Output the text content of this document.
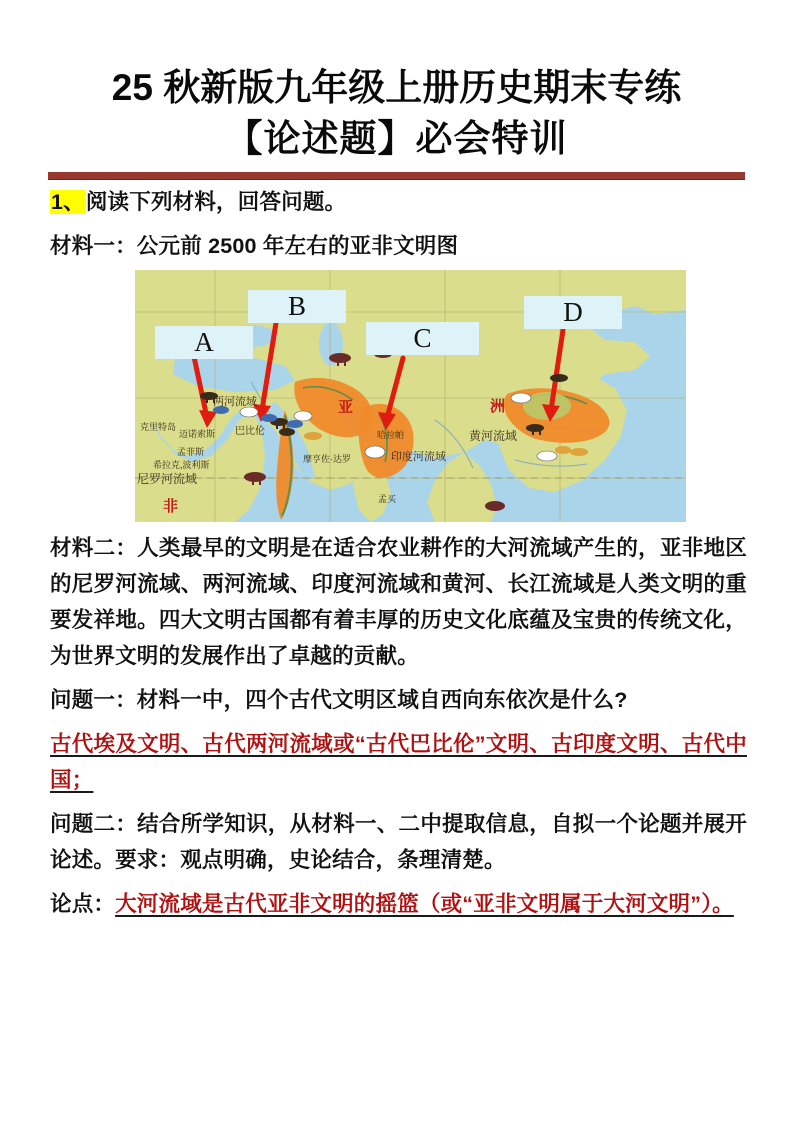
25 秋新版九年级上册历史期末专练
【论述题】必会特训
1、阅读下列材料，回答问题。
材料一：公元前 2500 年左右的亚非文明图
两河流域
巴比伦
克里特岛
迈诺索斯
孟菲斯
希拉克,波利斯
尼罗河流域
非
亚	洲
哈拉帕
印度河流域
摩亨佐·达罗
孟买
黄河流域
A
B
C
D
材料二：人类最早的文明是在适合农业耕作的大河流域产生的，亚非地区的尼罗河流域、两河流域、印度河流域和黄河、长江流域是人类文明的重要发祥地。四大文明古国都有着丰厚的历史文化底蕴及宝贵的传统文化，为世界文明的发展作出了卓越的贡献。
问题一：材料一中，四个古代文明区域自西向东依次是什么?
古代埃及文明、古代两河流域或“古代巴比伦”文明、古印度文明、古代中国；
问题二：结合所学知识，从材料一、二中提取信息，自拟一个论题并展开论述。要求：观点明确，史论结合，条理清楚。
论点：大河流域是古代亚非文明的摇篮（或“亚非文明属于大河文明”）。
